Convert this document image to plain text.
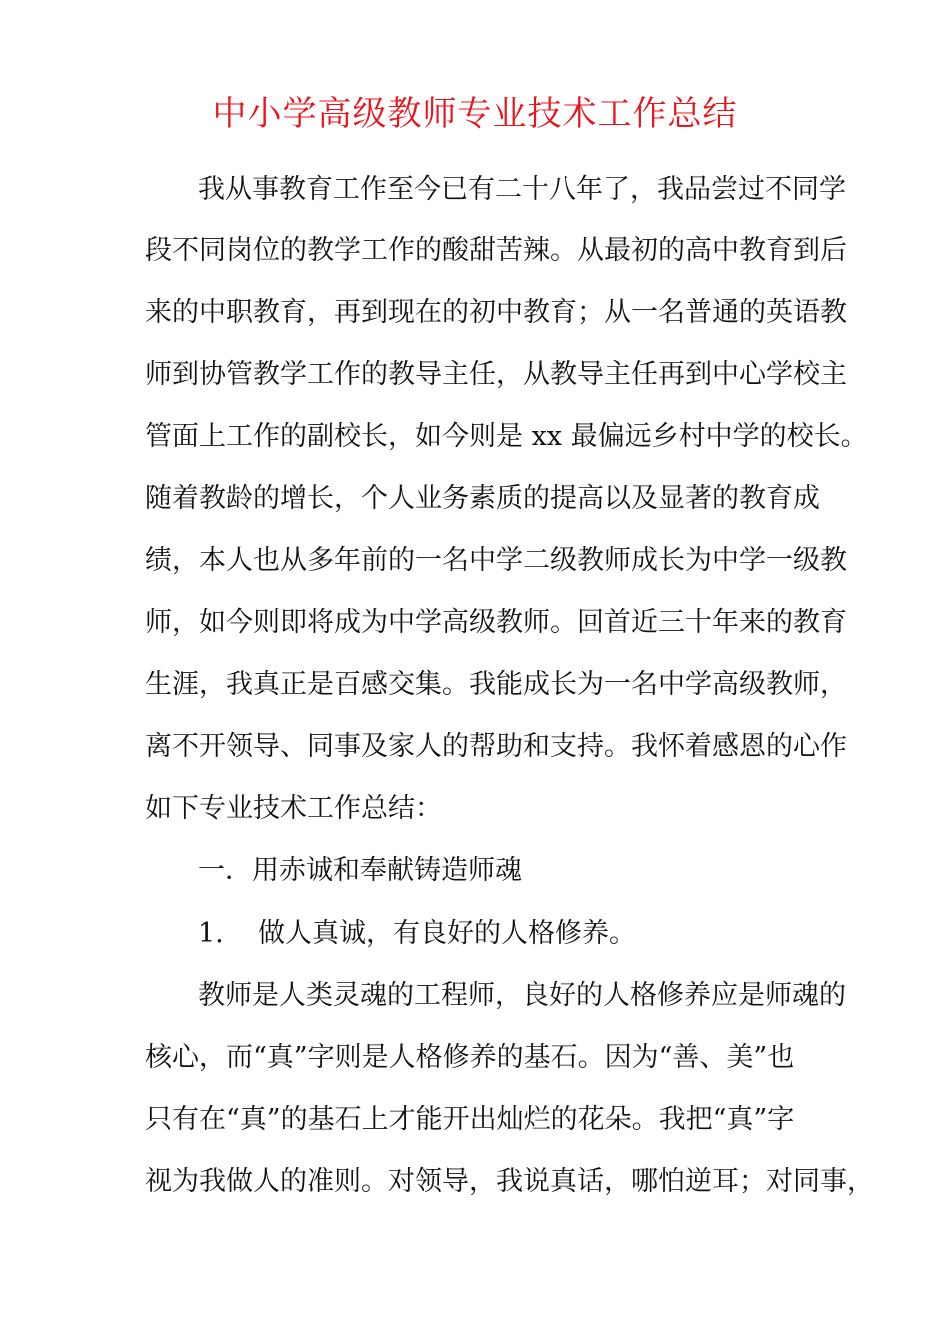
中小学高级教师专业技术工作总结
我从事教育工作至今已有二十八年了，我品尝过不同学
段不同岗位的教学工作的酸甜苦辣。从最初的高中教育到后
来的中职教育，再到现在的初中教育；从一名普通的英语教
师到协管教学工作的教导主任，从教导主任再到中心学校主
管面上工作的副校长，如今则是 xx 最偏远乡村中学的校长。
随着教龄的增长，个人业务素质的提高以及显著的教育成
绩，本人也从多年前的一名中学二级教师成长为中学一级教
师，如今则即将成为中学高级教师。回首近三十年来的教育
生涯，我真正是百感交集。我能成长为一名中学高级教师，
离不开领导、同事及家人的帮助和支持。我怀着感恩的心作
如下专业技术工作总结：
一．用赤诚和奉献铸造师魂
1. 做人真诚，有良好的人格修养。
教师是人类灵魂的工程师，良好的人格修养应是师魂的
核心，而“真”字则是人格修养的基石。因为“善、美”也
只有在“真”的基石上才能开出灿烂的花朵。我把“真”字
视为我做人的准则。对领导，我说真话，哪怕逆耳；对同事，
